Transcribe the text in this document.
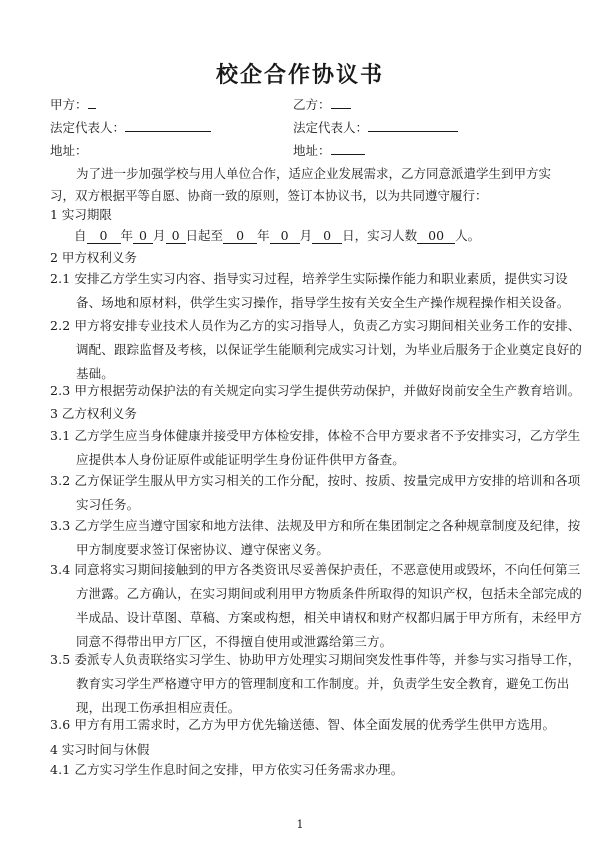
校企合作协议书
甲方：	乙方：
法定代表人：	法定代表人：
地址：	地址：

为了进一步加强学校与用人单位合作，适应企业发展需求，乙方同意派遣学生到甲方实习，双方根据平等自愿、协商一致的原则，签订本协议书，以为共同遵守履行：

1 实习期限
自 0 年 0 月 0 日起至 0 年 0 月 0 日，实习人数 00 人。
2 甲方权利义务

2.1 安排乙方学生实习内容、指导实习过程，培养学生实际操作能力和职业素质，提供实习设备、场地和原材料，供学生实习操作，指导学生按有关安全生产操作规程操作相关设备。

2.2 甲方将安排专业技术人员作为乙方的实习指导人，负责乙方实习期间相关业务工作的安排、调配、跟踪监督及考核，以保证学生能顺利完成实习计划，为毕业后服务于企业奠定良好的基础。

2.3 甲方根据劳动保护法的有关规定向实习学生提供劳动保护，并做好岗前安全生产教育培训。

3 乙方权利义务

3.1 乙方学生应当身体健康并接受甲方体检安排，体检不合甲方要求者不予安排实习，乙方学生应提供本人身份证原件或能证明学生身份证件供甲方备查。

3.2 乙方保证学生服从甲方实习相关的工作分配，按时、按质、按量完成甲方安排的培训和各项实习任务。

3.3 乙方学生应当遵守国家和地方法律、法规及甲方和所在集团制定之各种规章制度及纪律，按甲方制度要求签订保密协议、遵守保密义务。

3.4 同意将实习期间接触到的甲方各类资讯尽妥善保护责任，不恶意使用或毁坏，不向任何第三方泄露。乙方确认，在实习期间或利用甲方物质条件所取得的知识产权，包括未全部完成的半成品、设计草图、草稿、方案或构想，相关申请权和财产权都归属于甲方所有，未经甲方同意不得带出甲方厂区，不得擅自使用或泄露给第三方。

3.5 委派专人负责联络实习学生、协助甲方处理实习期间突发性事件等，并参与实习指导工作，教育实习学生严格遵守甲方的管理制度和工作制度。并，负责学生安全教育，避免工伤出现，出现工伤承担相应责任。

3.6 甲方有用工需求时，乙方为甲方优先输送德、智、体全面发展的优秀学生供甲方选用。

4 实习时间与休假

4.1 乙方实习学生作息时间之安排，甲方依实习任务需求办理。

1
